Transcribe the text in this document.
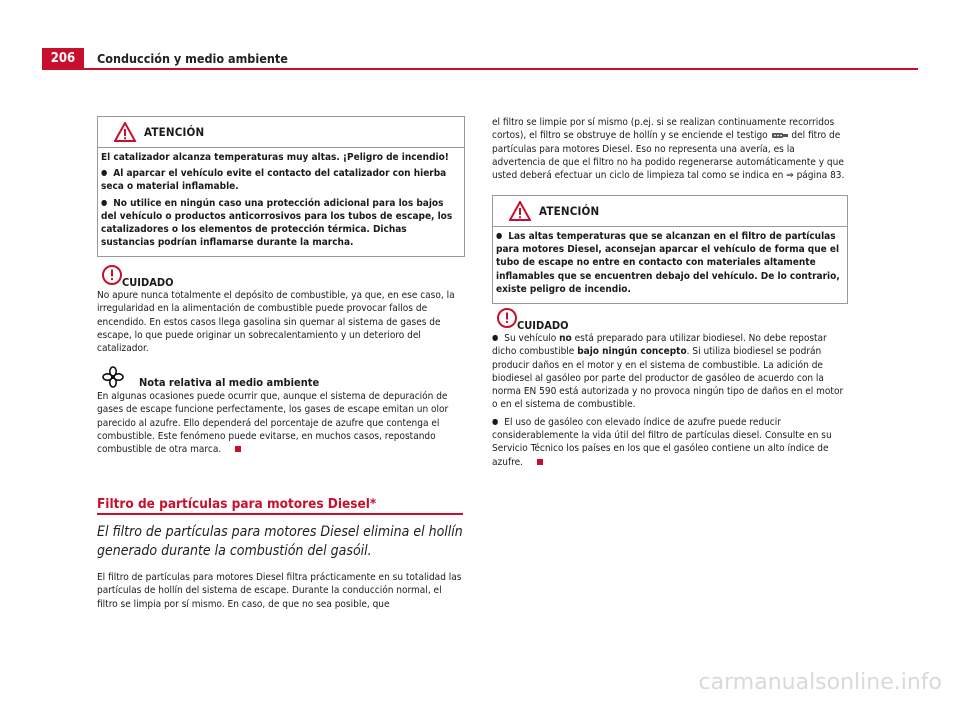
206	Conducción y medio ambiente
ATENCIÓN

El catalizador alcanza temperaturas muy altas. ¡Peligro de incendio!

● Al aparcar el vehículo evite el contacto del catalizador con hierba seca o material inflamable.

● No utilice en ningún caso una protección adicional para los bajos del vehículo o productos anticorrosivos para los tubos de escape, los catalizadores o los elementos de protección térmica. Dichas sustancias podrían inflamarse durante la marcha.

CUIDADO

No apure nunca totalmente el depósito de combustible, ya que, en ese caso, la irregularidad en la alimentación de combustible puede provocar fallos de encendido. En estos casos llega gasolina sin quemar al sistema de gases de escape, lo que puede originar un sobrecalentamiento y un deterioro del catalizador.

Nota relativa al medio ambiente

En algunas ocasiones puede ocurrir que, aunque el sistema de depuración de gases de escape funcione perfectamente, los gases de escape emitan un olor parecido al azufre. Ello dependerá del porcentaje de azufre que contenga el combustible. Este fenómeno puede evitarse, en muchos casos, repostando combustible de otra marca.

Filtro de partículas para motores Diesel*
El filtro de partículas para motores Diesel elimina el hollín generado durante la combustión del gasóil.
El filtro de partículas para motores Diesel filtra prácticamente en su totalidad las partículas de hollín del sistema de escape. Durante la conducción normal, el filtro se limpia por sí mismo. En caso, de que no sea posible, que
el filtro se limpie por sí mismo (p.ej. si se realizan continuamente recorridos cortos), el filtro se obstruye de hollín y se enciende el testigo del fitro de partículas para motores Diesel. Eso no representa una avería, es la advertencia de que el filtro no ha podido regenerarse automáticamente y que usted deberá efectuar un ciclo de limpieza tal como se indica en ⇒ página 83.
ATENCIÓN

● Las altas temperaturas que se alcanzan en el filtro de partículas para motores Diesel, aconsejan aparcar el vehículo de forma que el tubo de escape no entre en contacto con materiales altamente inflamables que se encuentren debajo del vehículo. De lo contrario, existe peligro de incendio.

CUIDADO

● Su vehículo no está preparado para utilizar biodiesel. No debe repostar dicho combustible bajo ningún concepto. Si utiliza biodiesel se podrán producir daños en el motor y en el sistema de combustible. La adición de biodiesel al gasóleo por parte del productor de gasóleo de acuerdo con la norma EN 590 está autorizada y no provoca ningún tipo de daños en el motor o en el sistema de combustible.

● El uso de gasóleo con elevado índice de azufre puede reducir considerablemente la vida útil del filtro de partículas diesel. Consulte en su Servicio Técnico los países en los que el gasóleo contiene un alto índice de azufre.

carmanualsonline.info
